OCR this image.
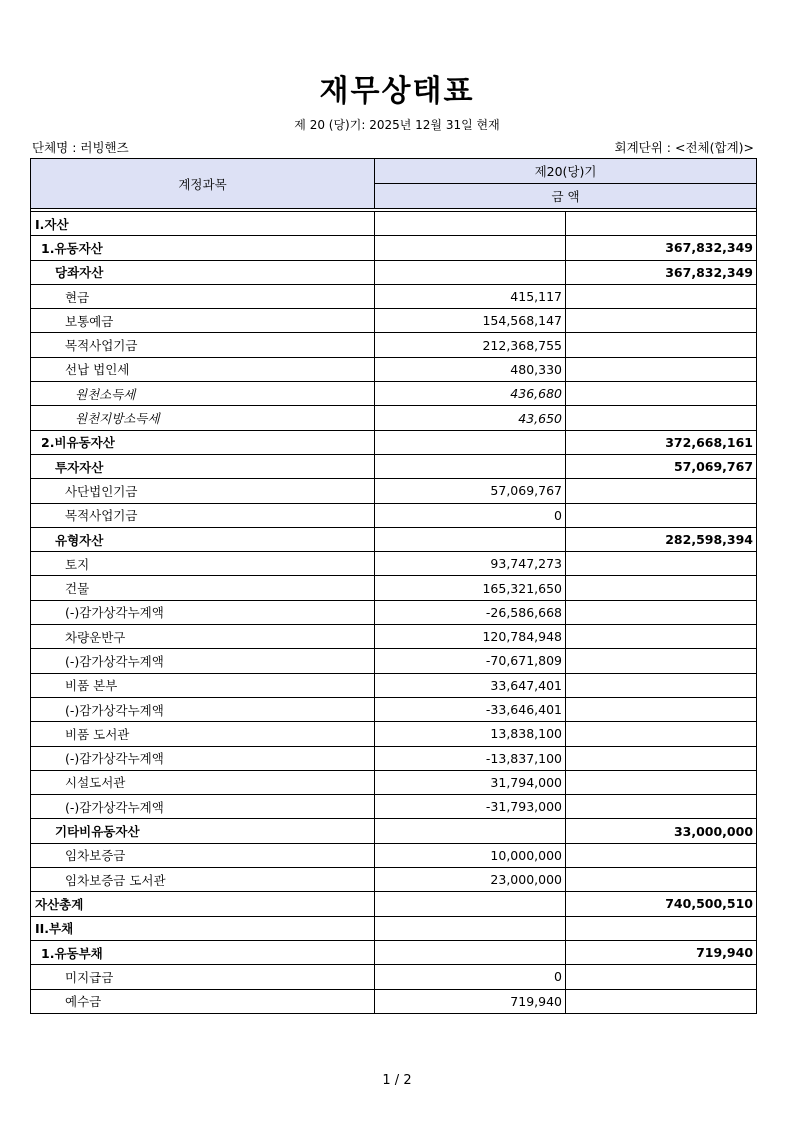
재무상태표
제 20 (당)기: 2025년 12월 31일 현재
단체명 : 러빙핸즈	회계단위 : <전체(합계)>
계정과목	제20(당)기	
	금 액	

I.자산		
1.유동자산		367,832,349
당좌자산		367,832,349
현금	415,117	
보통예금	154,568,147	
목적사업기금	212,368,755	
선납 법인세	480,330	
원천소득세	436,680	
원천지방소득세	43,650	
2.비유동자산		372,668,161
투자자산		57,069,767
사단법인기금	57,069,767	
목적사업기금	0	
유형자산		282,598,394
토지	93,747,273	
건물	165,321,650	
(-)감가상각누계액	-26,586,668	
차량운반구	120,784,948	
(-)감가상각누계액	-70,671,809	
비품 본부	33,647,401	
(-)감가상각누계액	-33,646,401	
비품 도서관	13,838,100	
(-)감가상각누계액	-13,837,100	
시설도서관	31,794,000	
(-)감가상각누계액	-31,793,000	
기타비유동자산		33,000,000
임차보증금	10,000,000	
임차보증금 도서관	23,000,000	
자산총계		740,500,510
II.부채		
1.유동부채		719,940
미지급금	0	
예수금	719,940	
1 / 2
